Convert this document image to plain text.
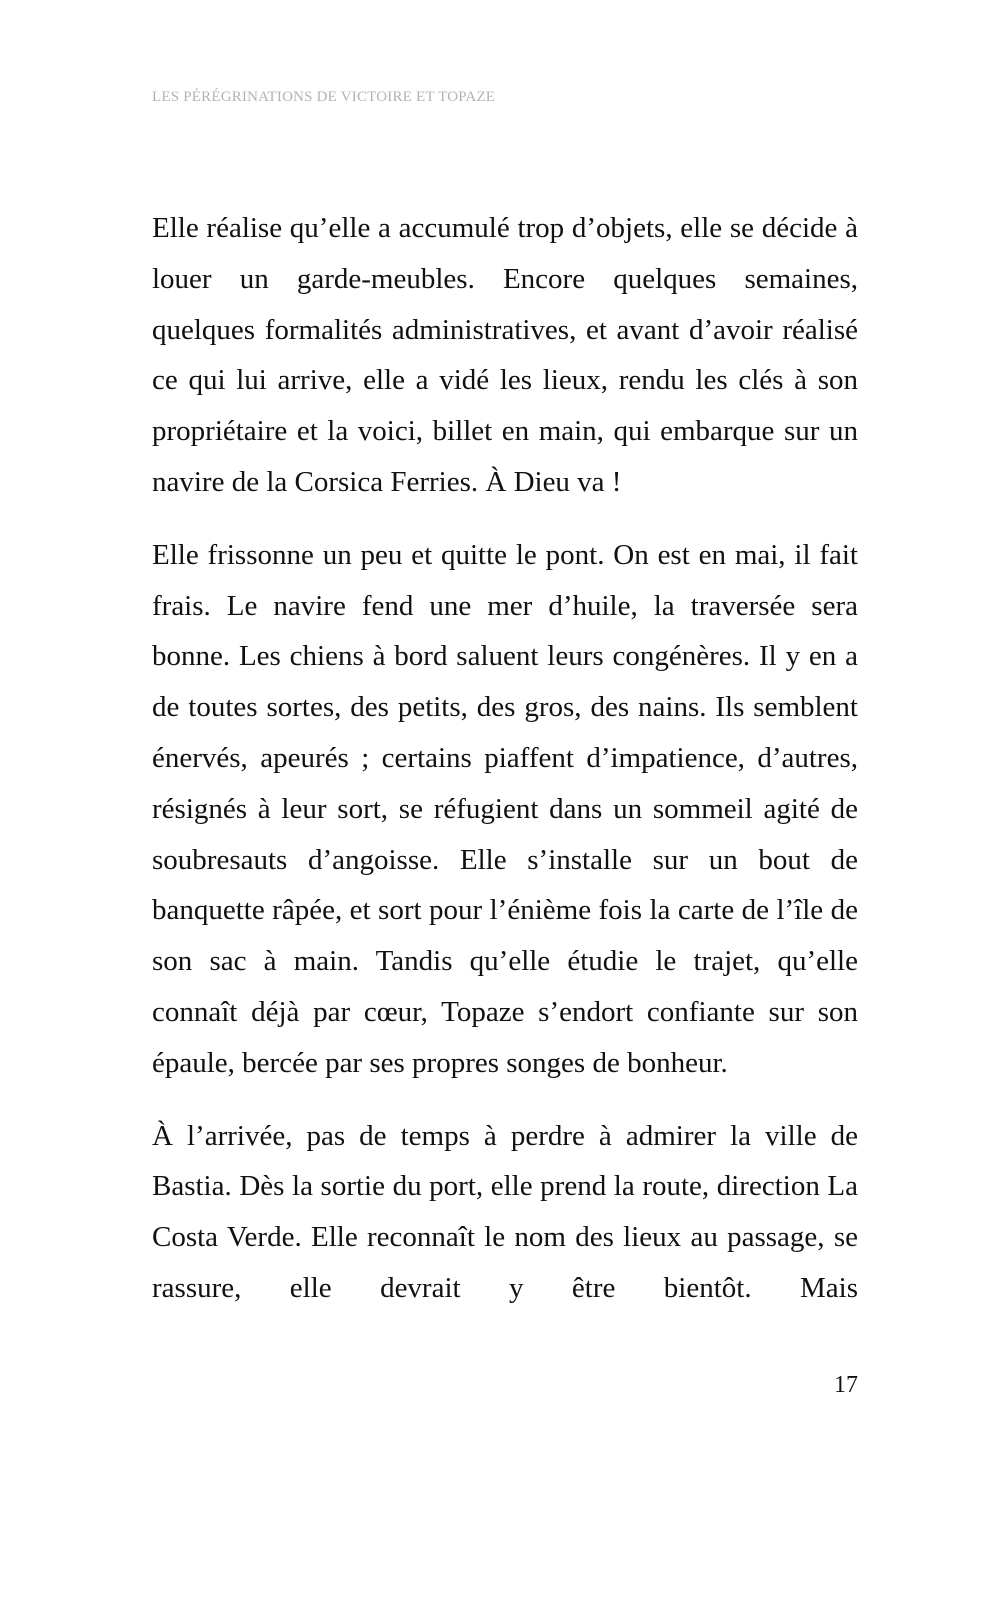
LES PÉRÉGRINATIONS DE VICTOIRE ET TOPAZE

Elle réalise qu’elle a accumulé trop d’objets, elle se décide à louer un garde-meubles. Encore quelques semaines, quelques formalités administratives, et avant d’avoir réalisé ce qui lui arrive, elle a vidé les lieux, rendu les clés à son propriétaire et la voici, billet en main, qui embarque sur un navire de la Corsica Ferries. À Dieu va !

Elle frissonne un peu et quitte le pont. On est en mai, il fait frais. Le navire fend une mer d’huile, la traversée sera bonne. Les chiens à bord saluent leurs congénères. Il y en a de toutes sortes, des petits, des gros, des nains. Ils semblent énervés, apeurés ; certains piaffent d’impatience, d’autres, résignés à leur sort, se réfugient dans un sommeil agité de soubresauts d’angoisse. Elle s’installe sur un bout de banquette râpée, et sort pour l’énième fois la carte de l’île de son sac à main. Tandis qu’elle étudie le trajet, qu’elle connaît déjà par cœur, Topaze s’endort confiante sur son épaule, bercée par ses propres songes de bonheur.

À l’arrivée, pas de temps à perdre à admirer la ville de Bastia. Dès la sortie du port, elle prend la route, direction La Costa Verde. Elle reconnaît le nom des lieux au passage, se rassure, elle devrait y être bientôt. Mais

17
